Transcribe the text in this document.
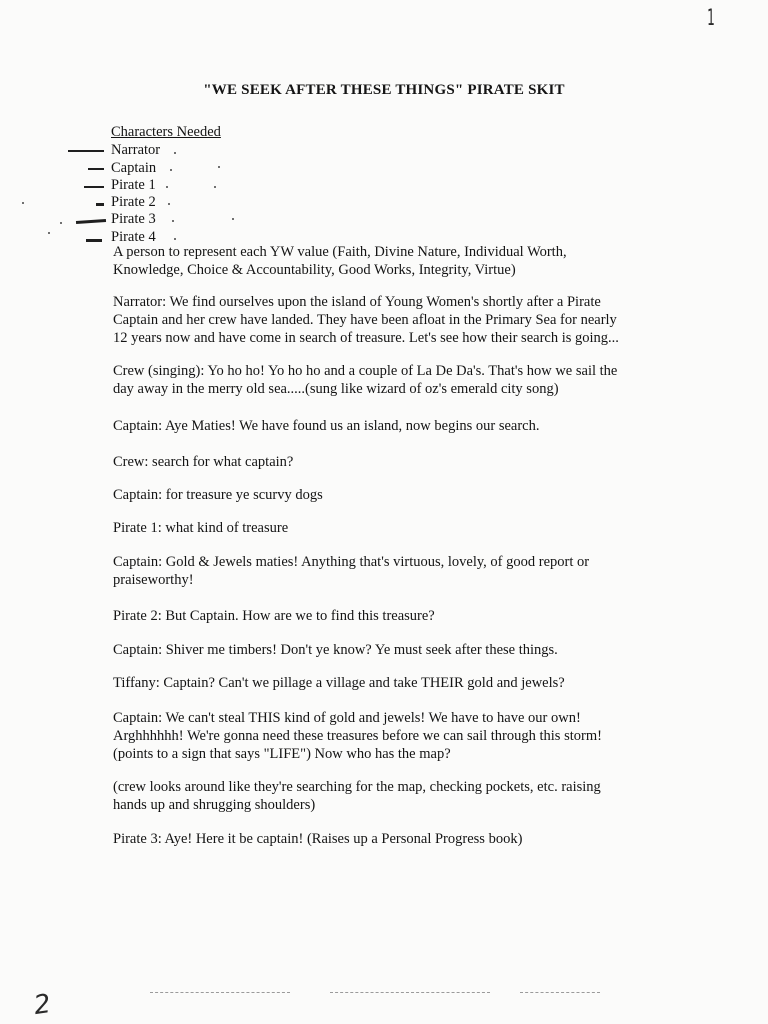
1
"WE SEEK AFTER THESE THINGS" PIRATE SKIT
Characters Needed
Narrator
Captain
Pirate 1
Pirate 2
Pirate 3
Pirate 4

A person to represent each YW value (Faith, Divine Nature, Individual Worth,
Knowledge, Choice & Accountability, Good Works, Integrity, Virtue)

Narrator: We find ourselves upon the island of Young Women's shortly after a Pirate
Captain and her crew have landed. They have been afloat in the Primary Sea for nearly
12 years now and have come in search of treasure. Let's see how their search is going...

Crew (singing): Yo ho ho! Yo ho ho and a couple of La De Da's. That's how we sail the
day away in the merry old sea.....(sung like wizard of oz's emerald city song)

Captain: Aye Maties! We have found us an island, now begins our search.

Crew: search for what captain?

Captain: for treasure ye scurvy dogs

Pirate 1: what kind of treasure

Captain: Gold & Jewels maties! Anything that's virtuous, lovely, of good report or
praiseworthy!

Pirate 2: But Captain. How are we to find this treasure?

Captain: Shiver me timbers! Don't ye know? Ye must seek after these things.

Tiffany: Captain? Can't we pillage a village and take THEIR gold and jewels?

Captain: We can't steal THIS kind of gold and jewels! We have to have our own!
Arghhhhhh! We're gonna need these treasures before we can sail through this storm!
(points to a sign that says "LIFE") Now who has the map?

(crew looks around like they're searching for the map, checking pockets, etc. raising
hands up and shrugging shoulders)

Pirate 3: Aye! Here it be captain! (Raises up a Personal Progress book)

2
